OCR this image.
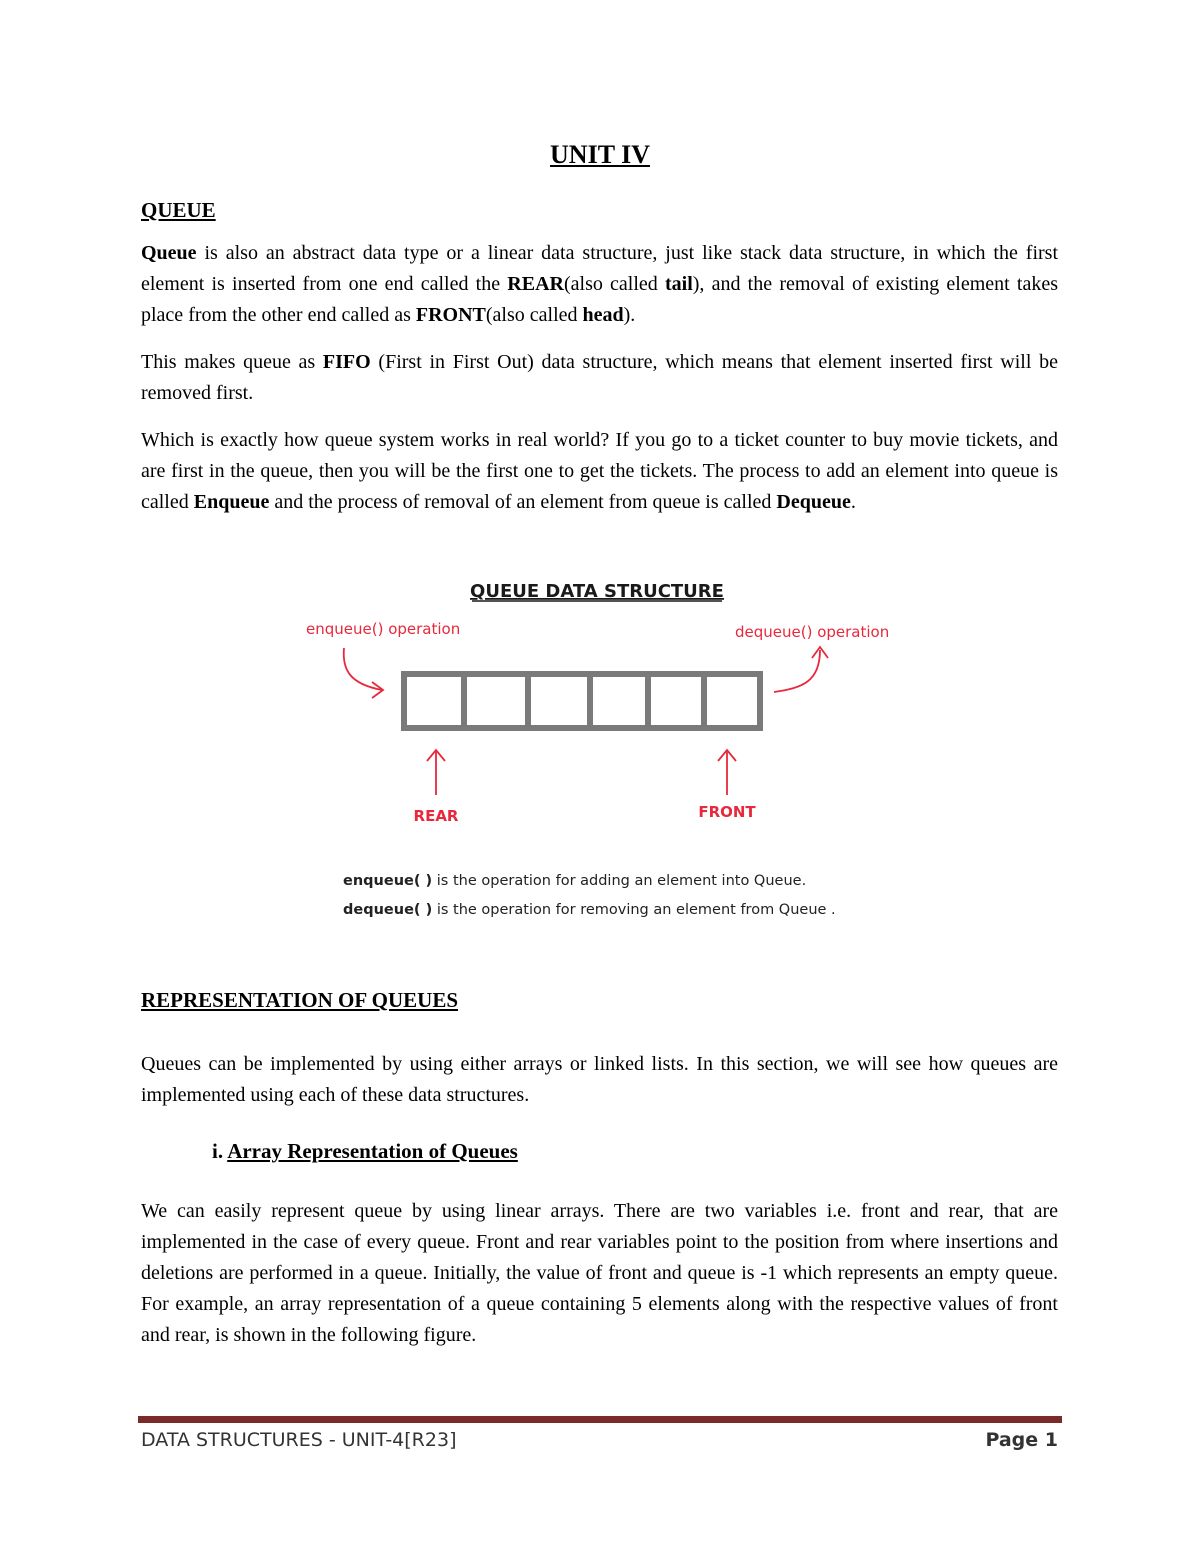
UNIT IV
QUEUE

Queue is also an abstract data type or a linear data structure, just like stack data structure, in which the first element is inserted from one end called the REAR(also called tail), and the removal of existing element takes place from the other end called as FRONT(also called head).

This makes queue as FIFO (First in First Out) data structure, which means that element inserted first will be removed first.

Which is exactly how queue system works in real world? If you go to a ticket counter to buy movie tickets, and are first in the queue, then you will be the first one to get the tickets. The process to add an element into queue is called Enqueue and the process of removal of an element from queue is called Dequeue.

QUEUE DATA STRUCTURE
enqueue() operation	dequeue() operation
REAR	FRONT
enqueue( ) is the operation for adding an element into Queue.
dequeue( ) is the operation for removing an element from Queue .
REPRESENTATION OF QUEUES

Queues can be implemented by using either arrays or linked lists. In this section, we will see how queues are implemented using each of these data structures.

i. Array Representation of Queues

We can easily represent queue by using linear arrays. There are two variables i.e. front and rear, that are implemented in the case of every queue. Front and rear variables point to the position from where insertions and deletions are performed in a queue. Initially, the value of front and queue is -1 which represents an empty queue. For example, an array representation of a queue containing 5 elements along with the respective values of front and rear, is shown in the following figure.

DATA STRUCTURES - UNIT-4[R23]	Page 1
